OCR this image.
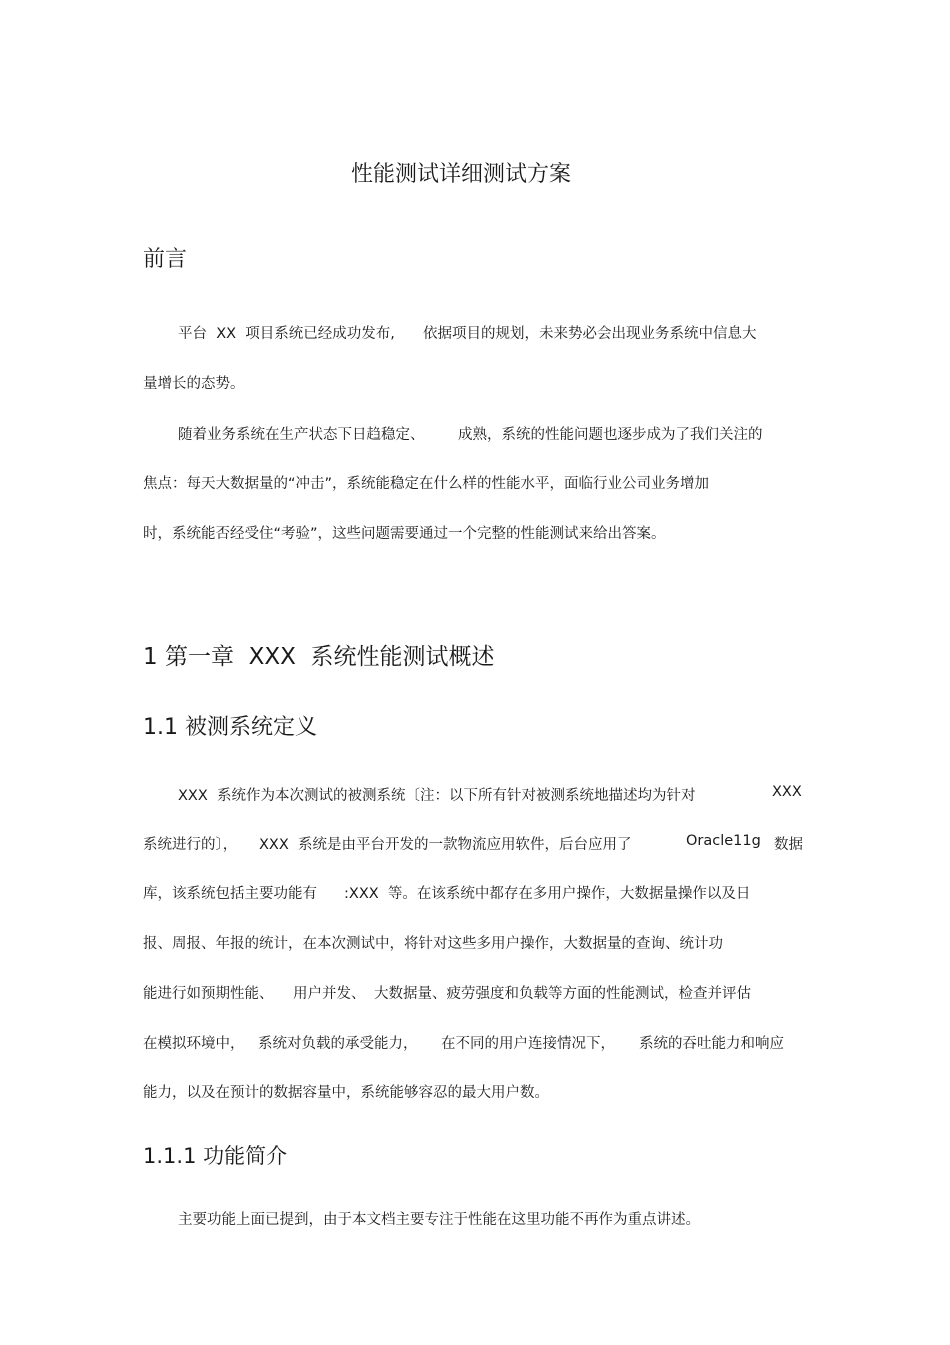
性能测试详细测试方案
前言
平台  XX  项目系统已经成功发布, 依据项目的规划，未来势必会出现业务系统中信息大
量增长的态势。
随着业务系统在生产状态下日趋稳定、 成熟，系统的性能问题也逐步成为了我们关注的
焦点：每天大数据量的“冲击”，系统能稳定在什么样的性能水平，面临行业公司业务增加
时，系统能否经受住“考验”，这些问题需要通过一个完整的性能测试来给出答案。
1 第一章  XXX  系统性能测试概述
1.1 被测系统定义
XXX  系统作为本次测试的被测系统〔注：以下所有针对被测系统地描述均为针对	XXX
系统进行的〕， XXX  系统是由平台开发的一款物流应用软件，后台应用了	Oracle11g 数据
库，该系统包括主要功能有 :XXX  等。在该系统中都存在多用户操作，大数据量操作以及日
报、周报、年报的统计，在本次测试中，将针对这些多用户操作，大数据量的查询、统计功
能进行如预期性能、 用户并发、 大数据量、疲劳强度和负载等方面的性能测试，检查并评估
在模拟环境中， 系统对负载的承受能力， 在不同的用户连接情况下， 系统的吞吐能力和响应
能力，以及在预计的数据容量中，系统能够容忍的最大用户数。
1.1.1 功能简介
主要功能上面已提到，由于本文档主要专注于性能在这里功能不再作为重点讲述。
